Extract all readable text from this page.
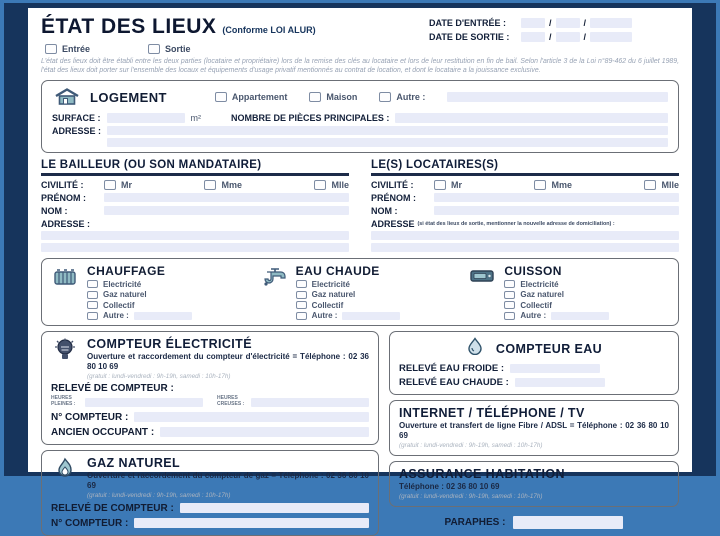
ÉTAT DES LIEUX (Conforme LOI ALUR)
Entrée	Sortie
DATE D'ENTRÉE :	/	/
DATE DE SORTIE :	/	/
L'état des lieux doit être établi entre les deux parties (locataire et propriétaire) lors de la remise des clés au locataire et lors de leur restitution en fin de bail. Selon l'article 3 de la Loi n°89-462 du 6 juillet 1989, l'état des lieux doit porter sur l'ensemble des locaux et équipements d'usage privatif mentionnés au contrat de location, et dont le locataire a la jouissance exclusive.
LOGEMENT	Appartement	Maison	Autre :
SURFACE :	m²	NOMBRE DE PIÈCES PRINCIPALES :
ADRESSE :
LE BAILLEUR (OU SON MANDATAIRE)
CIVILITÉ :	Mr	Mme	Mlle
PRÉNOM :
NOM :
ADRESSE :
LE(S) LOCATAIRES(S)
CIVILITÉ :	Mr	Mme	Mlle
PRÉNOM :
NOM :
ADRESSE (si état des lieux de sortie, mentionner la nouvelle adresse de domiciliation) :
CHAUFFAGE
Electricité
Gaz naturel
Collectif
Autre :
EAU CHAUDE
Electricité
Gaz naturel
Collectif
Autre :
CUISSON
Electricité
Gaz naturel
Collectif
Autre :
COMPTEUR ÉLECTRICITÉ
Ouverture et raccordement du compteur d'électricité = Téléphone : 02 36 80 10 69
(gratuit : lundi-vendredi : 9h-19h, samedi : 10h-17h)
RELEVÉ DE COMPTEUR :
HEURES PLEINES :
HEURES CREUSES :
N° COMPTEUR :
ANCIEN OCCUPANT :
GAZ NATUREL
Ouverture et raccordement du compteur de gaz = Téléphone : 02 36 80 10 69
(gratuit : lundi-vendredi : 9h-19h, samedi : 10h-17h)
RELEVÉ DE COMPTEUR :
N° COMPTEUR :
COMPTEUR EAU
RELEVÉ EAU FROIDE :
RELEVÉ EAU CHAUDE :
INTERNET / TÉLÉPHONE / TV
Ouverture et transfert de ligne Fibre / ADSL = Téléphone : 02 36 80 10 69
(gratuit : lundi-vendredi : 9h-19h, samedi : 10h-17h)
ASSURANCE HABITATION
Téléphone : 02 36 80 10 69
(gratuit : lundi-vendredi : 9h-19h, samedi : 10h-17h)
PARAPHES :
